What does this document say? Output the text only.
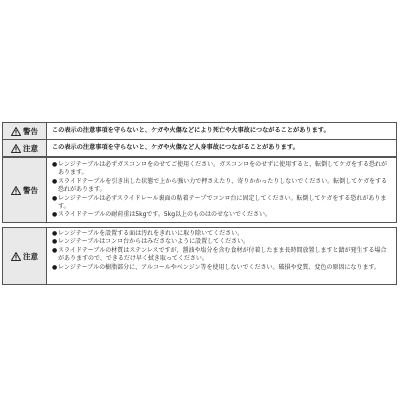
警告	この表示の注意事項を守らないと、ケガや火傷などにより死亡や大事故につながることがあります。
注意	この表示の注意事項を守らないと、ケガや火傷など人身事故につながることがあります。
警告
● レンジテーブルは必ずガスコンロをのせてご使用ください。ガスコンロをのせずに使用すると、転倒してケガをする恐れがあります。
● スライドテーブルを引き出した状態で上から強い力で押さえたり、寄りかかったりしないでください。転倒してケガをする恐れがあります。
● レンジテーブルは必ずスライドレール裏面の粘着テープでコンロ台に固定してください。転倒してケガをする恐れがあります。
● スライドテーブルの耐荷重は5kgです。5kg以上のものはのせないでください。
注意
● レンジテーブルを設置する面は汚れをきれいに取り除いてください。
● レンジテーブルはコンロ台からはみださないように設置してください。
● スライドテーブルの材質はステンレスですが、醤油や塩分を含む食材が付着したまま長時間放置しますと錆が発生する場合がありますので、できるだけ早く拭き取ってください。
● レンジテーブルの樹脂部分に、アルコールやベンジン等を使用しないでください。破損や変質、変色の原因になります。
